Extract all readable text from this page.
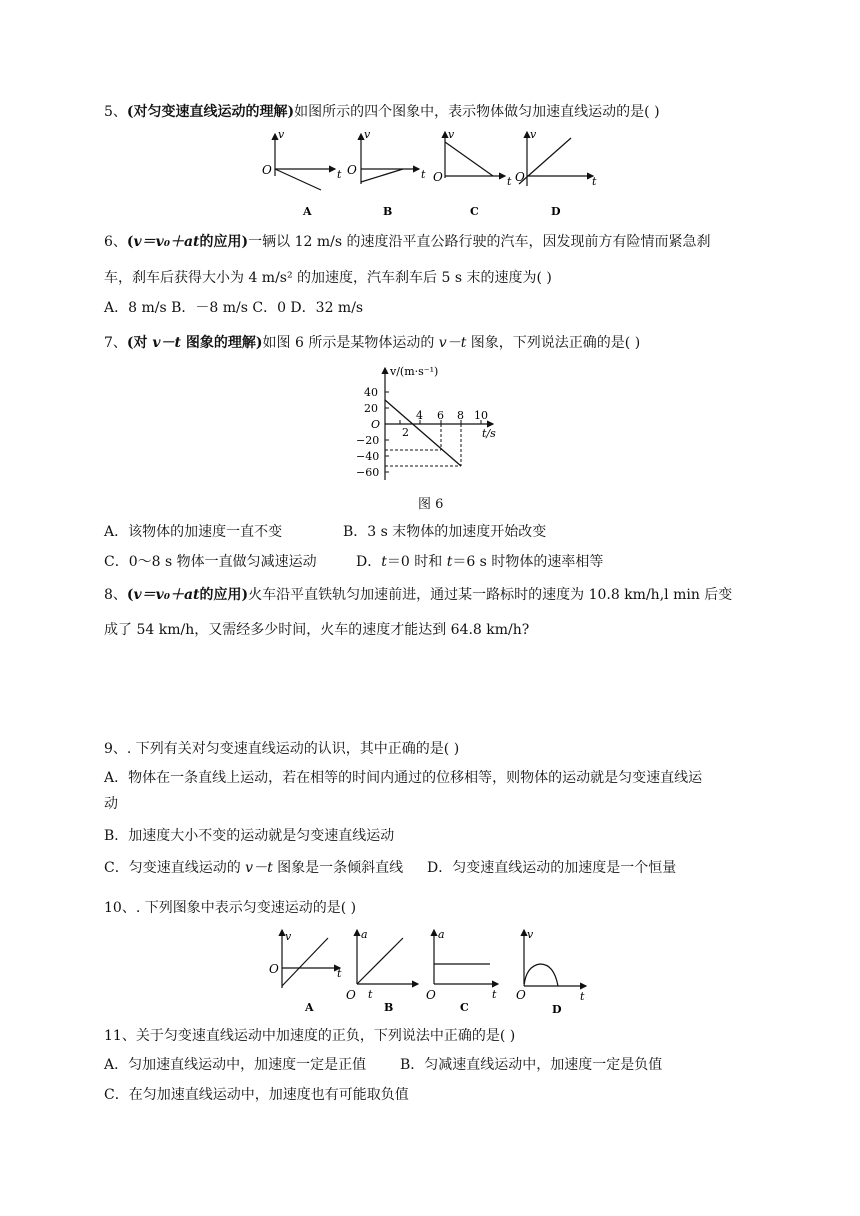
5、(对匀变速直线运动的理解)如图所示的四个图象中，表示物体做匀加速直线运动的是( )
v
O	t
A
v
O	t
B
v
O	t
C
v
O	t
D
6、(v＝v₀＋at的应用)一辆以 12 m/s 的速度沿平直公路行驶的汽车，因发现前方有险情而紧急刹
车，刹车后获得大小为 4 m/s² 的加速度，汽车刹车后 5 s 末的速度为( )
A．8 m/s B．－8 m/s C．0 D．32 m/s
7、(对 v－t 图象的理解)如图 6 所示是某物体运动的 v－t 图象，下列说法正确的是( )
v/(m·s⁻¹)
40
20
O
−20
−40
−60
4 6 8 10
2	t/s
图 6
A．该物体的加速度一直不变	B．3 s 末物体的加速度开始改变
C．0～8 s 物体一直做匀减速运动	D．t＝0 时和 t＝6 s 时物体的速率相等
8、(v＝v₀＋at的应用)火车沿平直铁轨匀加速前进，通过某一路标时的速度为 10.8 km/h,l min 后变
成了 54 km/h，又需经多少时间，火车的速度才能达到 64.8 km/h?
9、. 下列有关对匀变速直线运动的认识，其中正确的是( )
A．物体在一条直线上运动，若在相等的时间内通过的位移相等，则物体的运动就是匀变速直线运
动
B．加速度大小不变的运动就是匀变速直线运动
C．匀变速直线运动的 v－t 图象是一条倾斜直线 D．匀变速直线运动的加速度是一个恒量
10、. 下列图象中表示匀变速运动的是( )
v
O	t
A
a
O t
B
a
O	t
C
v
O	t
D
11、关于匀变速直线运动中加速度的正负，下列说法中正确的是( )
A．匀加速直线运动中，加速度一定是正值 B．匀减速直线运动中，加速度一定是负值
C．在匀加速直线运动中，加速度也有可能取负值
